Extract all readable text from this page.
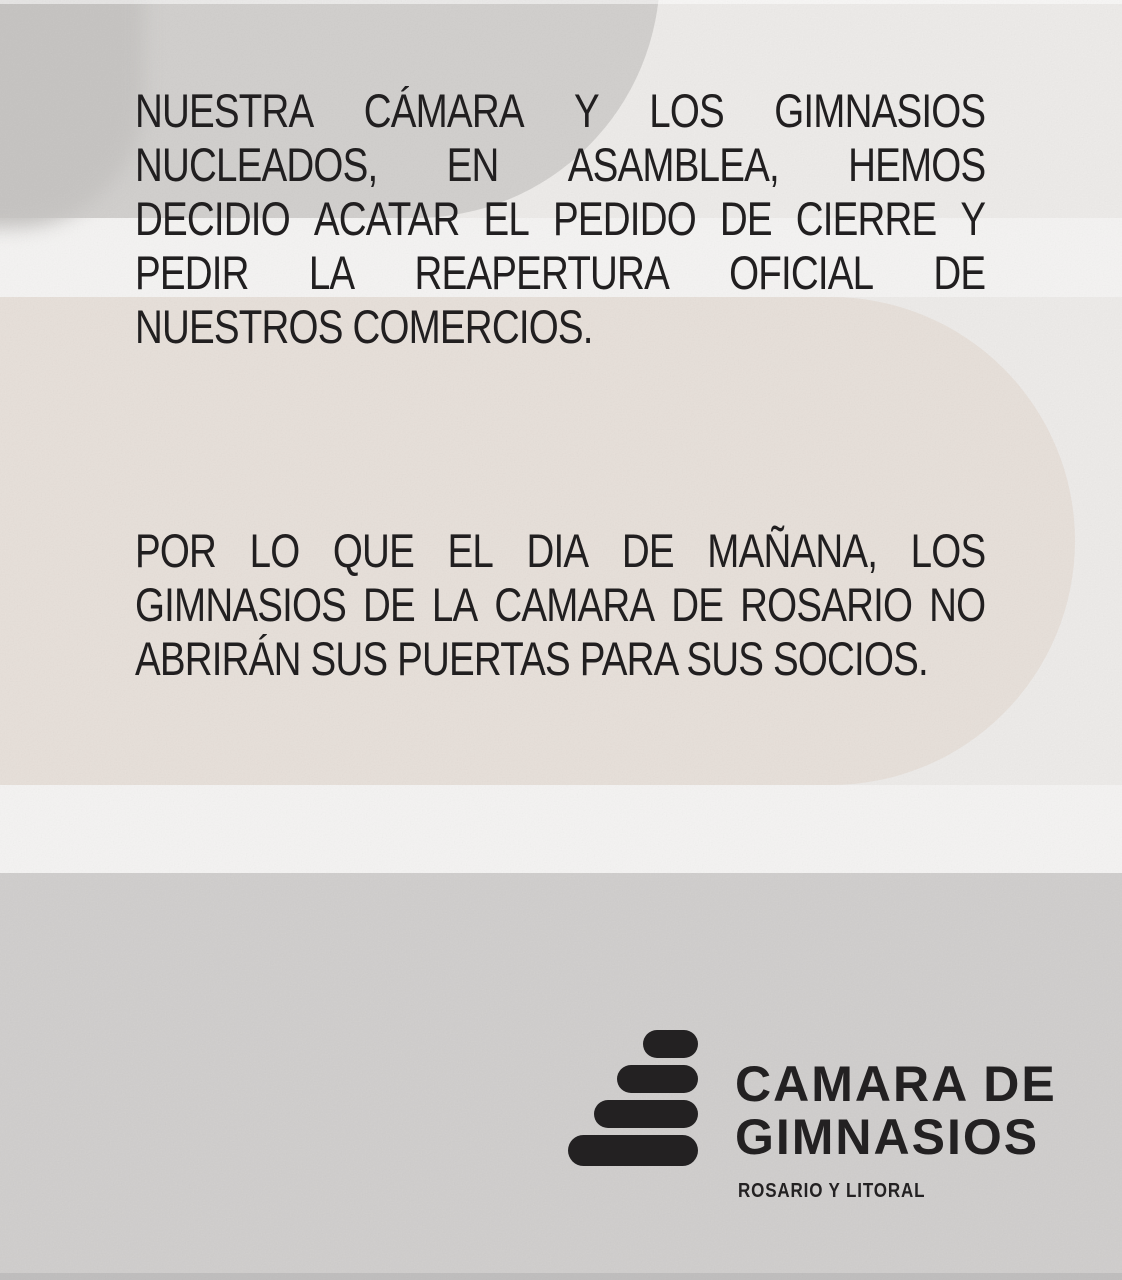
NUESTRA CÁMARA Y LOS GIMNASIOS
NUCLEADOS, EN ASAMBLEA, HEMOS
DECIDIO ACATAR EL PEDIDO DE CIERRE Y
PEDIR LA REAPERTURA OFICIAL DE
NUESTROS COMERCIOS.
POR LO QUE EL DIA DE MAÑANA, LOS
GIMNASIOS DE LA CAMARA DE ROSARIO NO
ABRIRÁN SUS PUERTAS PARA SUS SOCIOS.
CAMARA DE
GIMNASIOS
ROSARIO Y LITORAL
